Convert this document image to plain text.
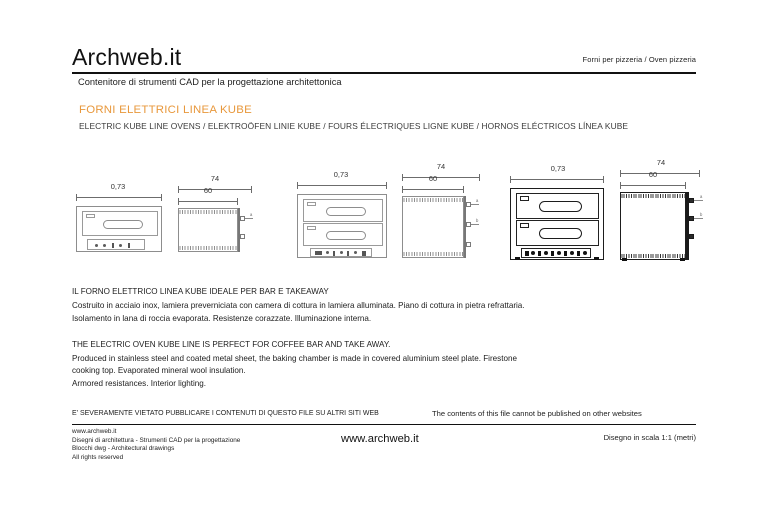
Archweb.it	Forni per pizzeria / Oven pizzeria
Contenitore di strumenti CAD per la progettazione architettonica
FORNI ELETTRICI LINEA KUBE
ELECTRIC KUBE LINE OVENS / ELEKTROÖFEN LINIE KUBE / FOURS ÉLECTRIQUES LIGNE KUBE / HORNOS ELÉCTRICOS LÍNEA KUBE
0,73
74
60
a
0,73
74
60
a
b
0,73
74
60
a
b
IL FORNO ELETTRICO LINEA KUBE IDEALE PER BAR E TAKEAWAY
Costruito in acciaio inox, lamiera preverniciata con camera di cottura in lamiera alluminata. Piano di cottura in pietra refrattaria.
Isolamento in lana di roccia evaporata. Resistenze corazzate. Illuminazione interna.
THE ELECTRIC OVEN KUBE LINE IS PERFECT FOR COFFEE BAR AND TAKE AWAY.
Produced in stainless steel and coated metal sheet, the baking chamber is made in covered aluminium steel plate. Firestone
cooking top. Evaporated mineral wool insulation.
Armored resistances. Interior lighting.
E' SEVERAMENTE VIETATO PUBBLICARE I CONTENUTI DI QUESTO FILE SU ALTRI SITI WEB	The contents of this file cannot be published on other websites
www.archweb.it
Disegni di architettura - Strumenti CAD per la progettazione
Blocchi dwg - Architectural drawings
All rights reserved
www.archweb.it	Disegno in scala 1:1 (metri)
